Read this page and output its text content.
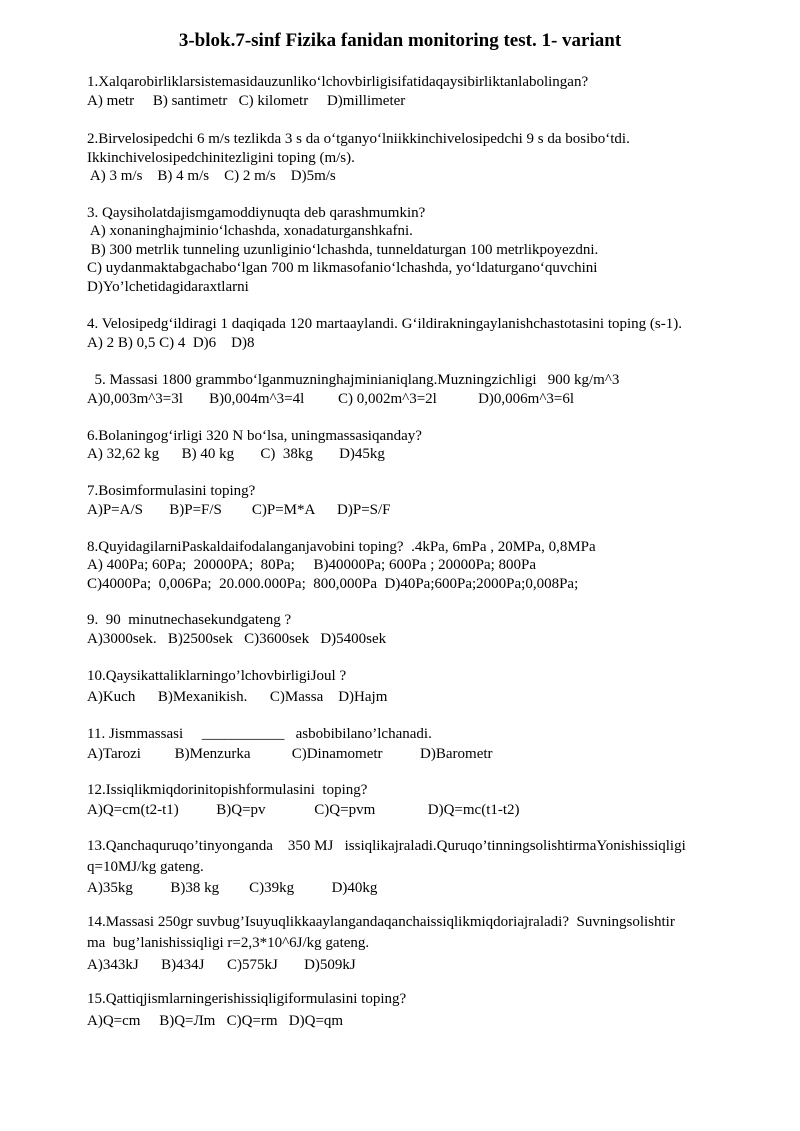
3-blok.7-sinf Fizika fanidan monitoring test. 1- variant
1.Xalqarobirliklarsistemasidauzunlikoʻlchovbirligisifatidaqaysibirliktanlabolingan?
A) metr     B) santimetr   C) kilometr     D)millimeter
2.Birvelosipedchi 6 m/s tezlikda 3 s da oʻtganyoʻlniikkinchivelosipedchi 9 s da bosiboʻtdi.
Ikkinchivelosipedchinitezligini toping (m/s).
A) 3 m/s    B) 4 m/s    C) 2 m/s    D)5m/s
3. Qaysiholatdajismgamoddiynuqta deb qarashmumkin?
A) xonaninghajminioʻlchashda, xonadaturganshkafni.
B) 300 metrlik tunneling uzunliginioʻlchashda, tunneldaturgan 100 metrlikpoyezdni.
C) uydanmaktabgachaboʻlgan 700 m likmasofanioʻlchashda, yoʻldaturganoʻquvchini
D)Yo’lchetidagidaraxtlarni
4. Velosipedgʻildiragi 1 daqiqada 120 martaaylandi. Gʻildirakningaylanishchastotasini toping (s-1).
A) 2 B) 0,5 C) 4  D)6    D)8
5. Massasi 1800 grammboʻlganmuzninghajminianiqlang.Muzningzichligi   900 kg/m^3
A)0,003m^3=3l       B)0,004m^3=4l         C) 0,002m^3=2l           D)0,006m^3=6l
6.Bolaningogʻirligi 320 N boʻlsa, uningmassasiqanday?
A) 32,62 kg      B) 40 kg       C)  38kg       D)45kg
7.Bosimformulasini toping?
A)P=A/S       B)P=F/S        C)P=M*A      D)P=S/F
8.QuyidagilarniPaskaldaifodalanganjavobini toping?  .4kPa, 6mPa , 20MPa, 0,8MPa
A) 400Pa; 60Pa;  20000PA;  80Pa;     B)40000Pa; 600Pa ; 20000Pa; 800Pa
C)4000Pa;  0,006Pa;  20.000.000Pa;  800,000Pa  D)40Pa;600Pa;2000Pa;0,008Pa;
9.  90  minutnechasekundgateng ?
A)3000sek.   B)2500sek   C)3600sek   D)5400sek
10.Qaysikattaliklarningo’lchovbirligiJoul ?
A)Kuch      B)Mexanikish.      C)Massa    D)Hajm
11. Jismmassasi     ___________   asbobibilano’lchanadi.
A)Tarozi         B)Menzurka           C)Dinamometr          D)Barometr
12.Issiqlikmiqdorinitopishformulasini  toping?
A)Q=cm(t2-t1)          B)Q=pv             C)Q=pvm              D)Q=mc(t1-t2)
13.Qanchaquruqo’tinyonganda    350 MJ   issiqlikajraladi.Quruqo’tinningsolishtirmaYonishissiqligi
q=10MJ/kg gateng.
A)35kg          B)38 kg        C)39kg          D)40kg
14.Massasi 250gr suvbug’Isuyuqlikkaaylangandaqanchaissiqlikmiqdoriajraladi?  Suvningsolishtir
ma  bug’lanishissiqligi r=2,3*10^6J/kg gateng.
A)343kJ      B)434J      C)575kJ       D)509kJ
15.Qattiqjismlarningerishissiqligiformulasini toping?
A)Q=cm     B)Q=Лm   C)Q=rm   D)Q=qm
